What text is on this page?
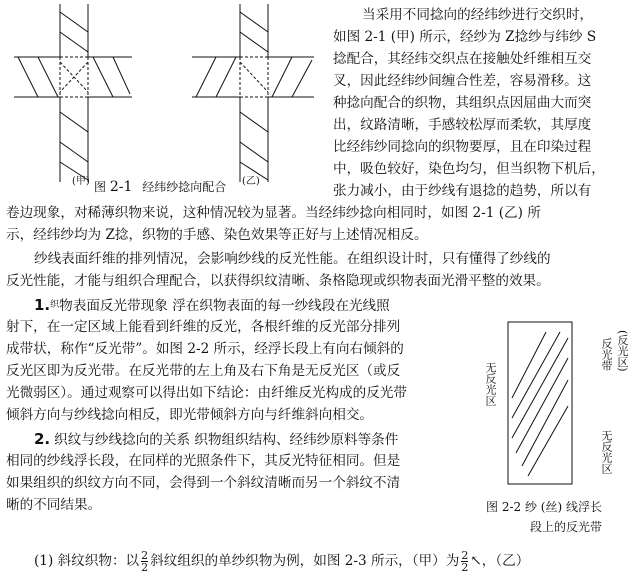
(甲)	(乙)
图 2-1 经纬纱捻向配合
当采用不同捻向的经纬纱进行交织时，
如图 2-1 (甲) 所示，经纱为 Z捻纱与纬纱 S
捻配合，其经纬交织点在接触处纤维相互交
叉，因此经纬纱间缠合性差，容易滑移。这
种捻向配合的织物，其组织点因屈曲大而突
出，纹路清晰，手感较松厚而柔软，其厚度
比经纬纱同捻向的织物要厚，且在印染过程
中，吸色较好，染色均匀，但当织物下机后，
张力减小，由于纱线有退捻的趋势，所以有
卷边现象，对稀薄织物来说，这种情况较为显著。当经纬纱捻向相同时，如图 2-1 (乙) 所
示，经纬纱均为 Z捻，织物的手感、染色效果等正好与上述情况相反。
纱线表面纤维的排列情况，会影响纱线的反光性能。在组织设计时，只有懂得了纱线的
反光性能，才能与组织合理配合，以获得织纹清晰、条格隐现或织物表面光滑平整的效果。
1.$^织$物表面反光带现象 浮在织物表面的每一纱线段在光线照
射下，在一定区域上能看到纤维的反光，各根纤维的反光部分排列
成带状，称作“反光带”。如图 2-2 所示，经浮长段上有向右倾斜的
反光区即为反光带。在反光带的左上角及右下角是无反光区（或反
光微弱区）。通过观察可以得出如下结论：由纤维反光构成的反光带
倾斜方向与纱线捻向相反，即光带倾斜方向与纤维斜向相交。
2. 织纹与纱线捻向的关系 织物组织结构、经纬纱原料等条件
相同的纱线浮长段，在同样的光照条件下，其反光特征相同。但是
如果组织的织纹方向不同，会得到一个斜纹清晰而另一个斜纹不清
晰的不同结果。
无反光区
反光带 (反光区)
无反光区
图 2-2 纱 (丝) 线浮长
段上的反光带
(1) 斜纹织物：以 $\frac{2}{2}$ 斜纹组织的单纱织物为例，如图 2-3 所示，（甲）为 $\frac{2}{2}$ ↖，（乙）
